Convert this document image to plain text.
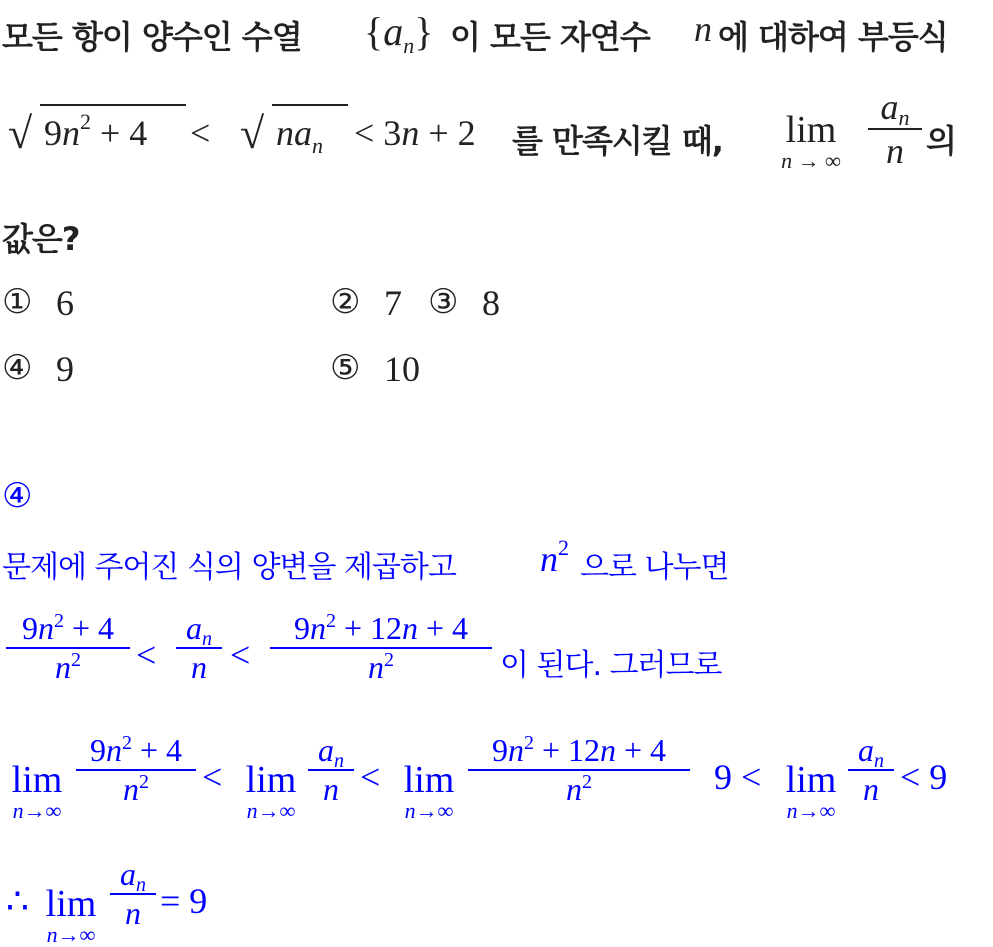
모든 항이 양수인 수열 $\{a_n\}$ 이 모든 자연수 n 에 대하여 부등식
√ $9n^2 + 4$ < √ $na_n < 3n + 2$ 를 만족시킬 때,	lim
n → ∞
an
n 의
값은?
① 6	② 7 ③ 8
④ 9	⑤ 10
④
문제에 주어진 식의 양변을 제곱하고 $n^2$
으로 나누면
$9n^2 + 4$
$n^2$	<
an
n <
$9n^2 + 12n + 4$
$n^2$	이 된다. 그러므로
lim
n→∞
$9n^2 + 4$
$n^2$	< lim
n→∞
an
n < lim
n→∞
$9n^2 + 12n + 4$
$n^2$	9 < lim
n→∞
an
n < 9
∴ lim
n→∞
an
n = 9
